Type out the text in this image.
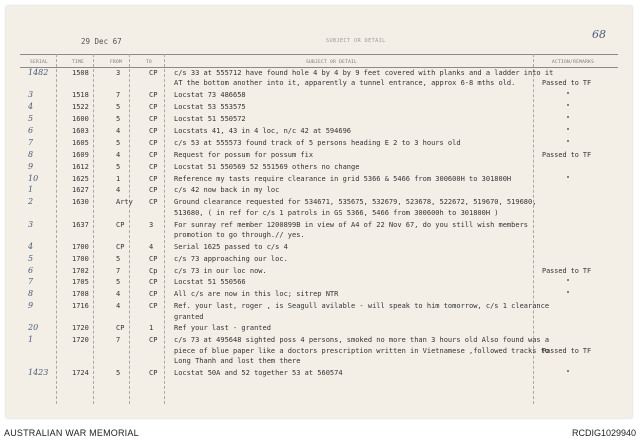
29 Dec 67	SUBJECT OR DETAIL	68
SERIAL	TIME	FROM	TO	SUBJECT OR DETAIL	ACTION/REMARKS
1482	1508	3	CP c/s 33 at 555712 have found hole 4 by 4 by 9 feet covered with planks and a ladder into it
AT the bottom another into it, apparently a tunnel entrance, approx 6-8 mths old.	Passed to TF
3	1518	7	CP Locstat 73 486658	"
4	1522	5	CP Locstat 53 553575	"
5	1600	5	CP Locstat 51 550572	"
6	1603	4	CP Locstats 41, 43 in 4 loc, n/c 42 at 594696	"
7	1605	5	CP c/s 53 at 555573 found track of 5 persons heading E 2 to 3 hours old	"
8	1609	4	CP Request for possum for possum fix	Passed to TF
9	1612	5	CP Locstat 51 550569 52 551569 others no change
10	1625	1	CP Reference my tasts require clearance in grid 5366 & 5466 from 300600H to 301800H	"
1	1627	4	CP c/s 42 now back in my loc
2	1630	Arty CP Ground clearance requested for 534671, 535675, 532679, 523678, 522672, 519670, 519680,
513680, ( in ref for c/s 1 patrols in GS 5366, 5466 from 300600h to 301800H )
3	1637	CP	3	For sunray ref member 1200899B in view of A4 of 22 Nov 67, do you still wish members
promotion to go through.// yes.
4	1700	CP	4	Serial 1625 passed to c/s 4
5	1700	5	CP c/s 73 approaching our loc.
6	1702	7	Cp c/s 73 in our loc now.	Passed to TF
7	1705	5	CP Locstat 51 550566	"
8	1708	4	CP All c/s are now in this loc; sitrep NTR	"
9	1716	4	CP Ref. your last, roger , is Seagull avilable - will speak to him tomorrow, c/s 1 clearance
granted
20	1720	CP	1	Ref your last - granted
1	1720	7	CP c/s 73 at 495648 sighted poss 4 persons, smoked no more than 3 hours old Also found was a
piece of blue paper like a doctors prescription written in Vietnamese ,followed tracks to
Long Thanh and lost them there
Passed to TF
1423	1724	5	CP Locstat 50A and 52 together 53 at 560574	"
AUSTRALIAN WAR MEMORIAL	RCDIG1029940
